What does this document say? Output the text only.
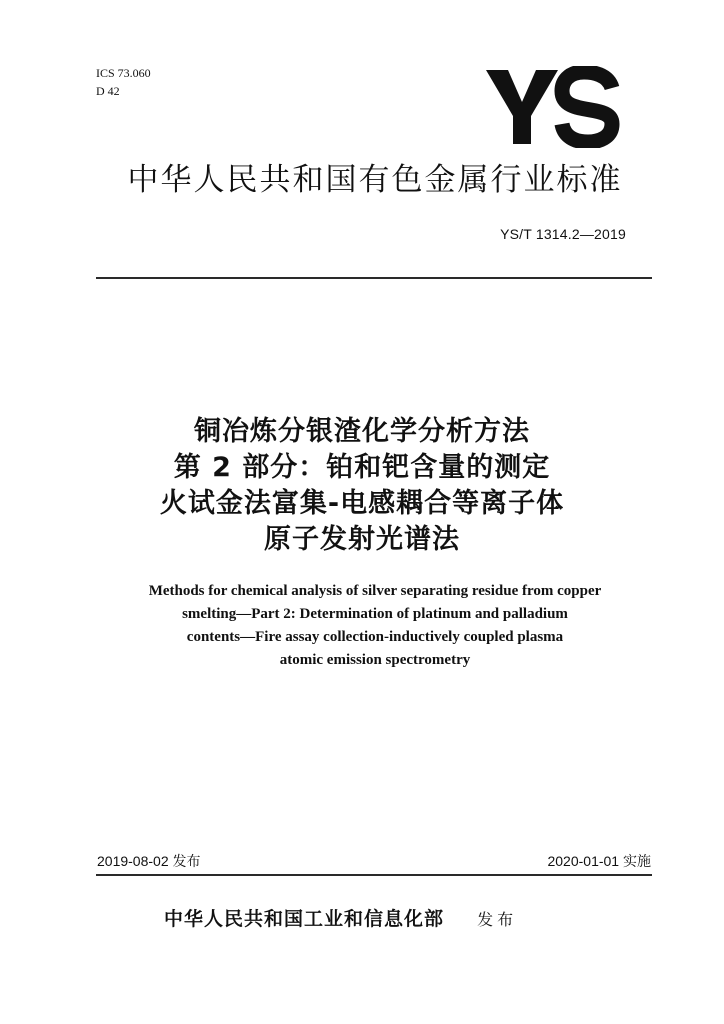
ICS 73.060
D 42
中华人民共和国有色金属行业标准
YS/T 1314.2—2019
铜冶炼分银渣化学分析方法
第 2 部分：铂和钯含量的测定
火试金法富集-电感耦合等离子体
原子发射光谱法
Methods for chemical analysis of silver separating residue from copper
smelting—Part 2: Determination of platinum and palladium
contents—Fire assay collection-inductively coupled plasma
atomic emission spectrometry
2019-08-02 发布	2020-01-01 实施
中华人民共和国工业和信息化部 发布
